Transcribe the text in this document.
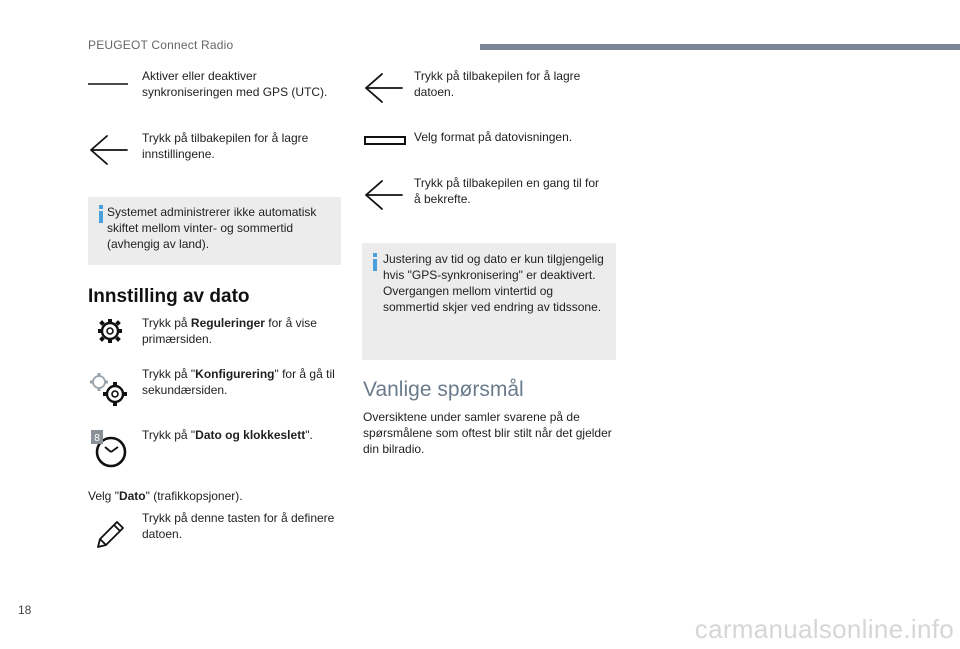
PEUGEOT Connect Radio
Aktiver eller deaktiver synkroniseringen med GPS (UTC).
Trykk på tilbakepilen for å lagre innstillingene.
Systemet administrerer ikke automatisk skiftet mellom vinter- og sommertid (avhengig av land).
Innstilling av dato
Trykk på Reguleringer for å vise primærsiden.
Trykk på "Konfigurering" for å gå til sekundærsiden.
8	Trykk på "Dato og klokkeslett".
Velg "Dato" (trafikkopsjoner).
Trykk på denne tasten for å definere datoen.
Trykk på tilbakepilen for å lagre datoen.
Velg format på datovisningen.
Trykk på tilbakepilen en gang til for å bekrefte.
Justering av tid og dato er kun tilgjengelig hvis "GPS-synkronisering" er deaktivert. Overgangen mellom vintertid og sommertid skjer ved endring av tidssone.
Vanlige spørsmål
Oversiktene under samler svarene på de spørsmålene som oftest blir stilt når det gjelder din bilradio.
18
carmanualsonline.info
